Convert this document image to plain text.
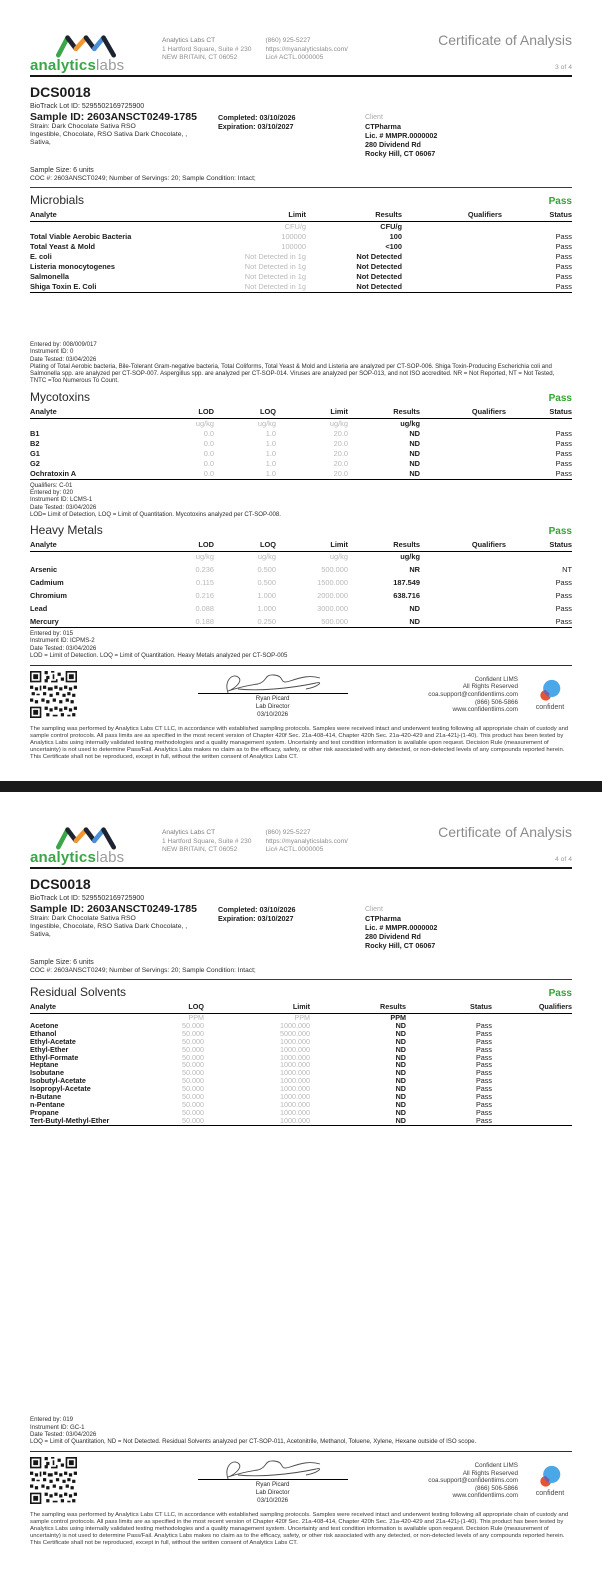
analyticslabs
Analytics Labs CT
1 Hartford Square, Suite # 230
NEW BRITAIN, CT 06052
(860) 925-5227
https://myanalyticslabs.com/
Lic# ACTL.0000005
Certificate of Analysis
3 of 4
DCS0018
BioTrack Lot ID: 5295502169725900
Sample ID: 2603ANSCT0249-1785
Strain: Dark Chocolate Sativa RSO
Ingestible, Chocolate, RSO Sativa Dark Chocolate, ,
Sativa,
Completed: 03/10/2026
Expiration: 03/10/2027
Client
CTPharma
Lic. # MMPR.0000002
280 Dividend Rd
Rocky Hill, CT 06067
Sample Size: 6 units
COC #: 2603ANSCT0249; Number of Servings: 20; Sample Condition: Intact;
Microbials	Pass
Analyte	Limit	Results	Qualifiers	Status
	CFU/g	CFU/g		
Total Viable Aerobic Bacteria	100000	100		Pass
Total Yeast & Mold	100000	<100		Pass
E. coli	Not Detected in 1g	Not Detected		Pass
Listeria monocytogenes	Not Detected in 1g	Not Detected		Pass
Salmonella	Not Detected in 1g	Not Detected		Pass
Shiga Toxin E. Coli	Not Detected in 1g	Not Detected		Pass
Entered by: 008/009/017
Instrument ID: 0
Date Tested: 03/04/2026
Plating of Total Aerobic bacteria, Bile-Tolerant Gram-negative bacteria, Total Coliforms, Total Yeast & Mold and Listeria are analyzed per CT-SOP-006. Shiga Toxin-Producing Escherichia coli and Salmonella spp. are analyzed per CT-SOP-007. Aspergillus spp. are analyzed per CT-SOP-014. Viruses are analyzed per SOP-013, and not ISO accredited. NR = Not Reported, NT = Not Tested, TNTC =Too Numerous To Count.
Mycotoxins	Pass
Analyte	LOD	LOQ	Limit	Results	Qualifiers	Status
	ug/kg	ug/kg	ug/kg	ug/kg		
B1	0.0	1.0	20.0	ND		Pass
B2	0.0	1.0	20.0	ND		Pass
G1	0.0	1.0	20.0	ND		Pass
G2	0.0	1.0	20.0	ND		Pass
Ochratoxin A	0.0	1.0	20.0	ND		Pass
Qualifiers: C-01
Entered by: 020
Instrument ID: LCMS-1
Date Tested: 03/04/2026
LOD= Limit of Detection, LOQ = Limit of Quantitation. Mycotoxins analyzed per CT-SOP-008.
Heavy Metals	Pass
Analyte	LOD	LOQ	Limit	Results	Qualifiers	Status
	ug/kg	ug/kg	ug/kg	ug/kg		
Arsenic	0.236	0.500	500.000	NR		NT
Cadmium	0.115	0.500	1500.000	187.549		Pass
Chromium	0.216	1.000	2000.000	638.716		Pass
Lead	0.088	1.000	3000.000	ND		Pass
Mercury	0.188	0.250	500.000	ND		Pass
Entered by: 015
Instrument ID: ICPMS-2
Date Tested: 03/04/2026
LOD = Limit of Detection. LOQ = Limit of Quantitation. Heavy Metals analyzed per CT-SOP-005
Ryan Picard
Lab Director
03/10/2026
Confident LIMS
All Rights Reserved
coa.support@confidentlims.com
(866) 506-5866
www.confidentlims.com	confident
The sampling was performed by Analytics Labs CT LLC, in accordance with established sampling protocols. Samples were received intact and underwent testing following all appropriate chain of custody and sample control protocols. All pass limits are as specified in the most recent version of Chapter 420f Sec. 21a-408-414, Chapter 420h Sec. 21a-420-429 and 21a-421j-(1-40). This product has been tested by Analytics Labs using internally validated testing methodologies and a quality management system. Uncertainty and test condition information is available upon request. Decision Rule (measurement of uncertainty) is not used to determine Pass/Fail. Analytics Labs makes no claim as to the efficacy, safety, or other risk associated with any detected, or non-detected levels of any compounds reported herein. This Certificate shall not be reproduced, except in full, without the written consent of Analytics Labs CT.
analyticslabs
Analytics Labs CT
1 Hartford Square, Suite # 230
NEW BRITAIN, CT 06052
(860) 925-5227
https://myanalyticslabs.com/
Lic# ACTL.0000005
Certificate of Analysis
4 of 4
DCS0018
BioTrack Lot ID: 5295502169725900
Sample ID: 2603ANSCT0249-1785
Strain: Dark Chocolate Sativa RSO
Ingestible, Chocolate, RSO Sativa Dark Chocolate, ,
Sativa,
Completed: 03/10/2026
Expiration: 03/10/2027
Client
CTPharma
Lic. # MMPR.0000002
280 Dividend Rd
Rocky Hill, CT 06067
Sample Size: 6 units
COC #: 2603ANSCT0249; Number of Servings: 20; Sample Condition: Intact;
Residual Solvents	Pass
Analyte	LOQ	Limit	Results	Status	Qualifiers
	PPM	PPM	PPM		
Acetone	50.000	1000.000	ND	Pass	
Ethanol	50.000	5000.000	ND	Pass	
Ethyl-Acetate	50.000	1000.000	ND	Pass	
Ethyl-Ether	50.000	1000.000	ND	Pass	
Ethyl-Formate	50.000	1000.000	ND	Pass	
Heptane	50.000	1000.000	ND	Pass	
Isobutane	50.000	1000.000	ND	Pass	
Isobutyl-Acetate	50.000	1000.000	ND	Pass	
Isopropyl-Acetate	50.000	1000.000	ND	Pass	
n-Butane	50.000	1000.000	ND	Pass	
n-Pentane	50.000	1000.000	ND	Pass	
Propane	50.000	1000.000	ND	Pass	
Tert-Butyl-Methyl-Ether	50.000	1000.000	ND	Pass	
Entered by: 019
Instrument ID: GC-1
Date Tested: 03/04/2026
LOQ = Limit of Quantitation, ND = Not Detected. Residual Solvents analyzed per CT-SOP-011, Acetonitrile, Methanol, Toluene, Xylene, Hexane outside of ISO scope.
Ryan Picard
Lab Director
03/10/2026
Confident LIMS
All Rights Reserved
coa.support@confidentlims.com
(866) 506-5866
www.confidentlims.com	confident
The sampling was performed by Analytics Labs CT LLC, in accordance with established sampling protocols. Samples were received intact and underwent testing following all appropriate chain of custody and sample control protocols. All pass limits are as specified in the most recent version of Chapter 420f Sec. 21a-408-414, Chapter 420h Sec. 21a-420-429 and 21a-421j-(1-40). This product has been tested by Analytics Labs using internally validated testing methodologies and a quality management system. Uncertainty and test condition information is available upon request. Decision Rule (measurement of uncertainty) is not used to determine Pass/Fail. Analytics Labs makes no claim as to the efficacy, safety, or other risk associated with any detected, or non-detected levels of any compounds reported herein. This Certificate shall not be reproduced, except in full, without the written consent of Analytics Labs CT.
